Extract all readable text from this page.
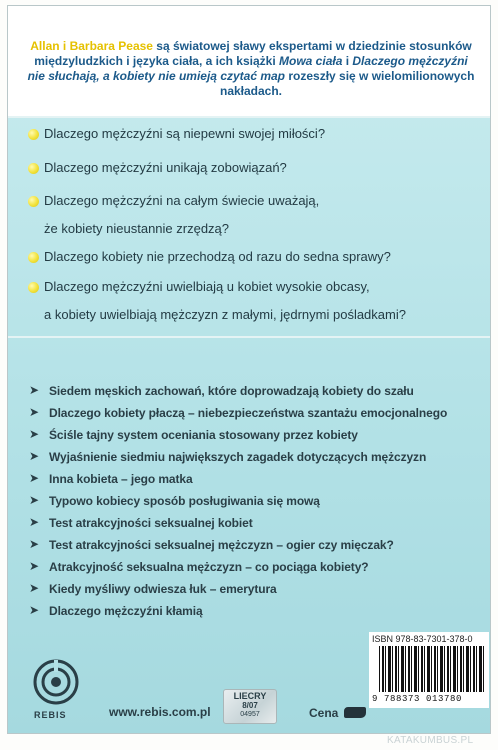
Allan i Barbara Pease są światowej sławy ekspertami w dziedzinie stosunków międzyludzkich i języka ciała, a ich książki Mowa ciała i Dlaczego mężczyźni nie słuchają, a kobiety nie umieją czytać map rozeszły się w wielomilionowych nakładach.

Dlaczego mężczyźni są niepewni swojej miłości?
Dlaczego mężczyźni unikają zobowiązań?
Dlaczego mężczyźni na całym świecie uważają,
że kobiety nieustannie zrzędzą?
Dlaczego kobiety nie przechodzą od razu do sedna sprawy?
Dlaczego mężczyźni uwielbiają u kobiet wysokie obcasy,
a kobiety uwielbiają mężczyzn z małymi, jędrnymi pośladkami?
➤ Siedem męskich zachowań, które doprowadzają kobiety do szału
➤ Dlaczego kobiety płaczą – niebezpieczeństwa szantażu emocjonalnego
➤ Ściśle tajny system oceniania stosowany przez kobiety
➤ Wyjaśnienie siedmiu największych zagadek dotyczących mężczyzn
➤ Inna kobieta – jego matka
➤ Typowo kobiecy sposób posługiwania się mową
➤ Test atrakcyjności seksualnej kobiet
➤ Test atrakcyjności seksualnej mężczyzn – ogier czy mięczak?
➤ Atrakcyjność seksualna mężczyzn – co pociąga kobiety?
➤ Kiedy myśliwy odwiesza łuk – emerytura
➤ Dlaczego mężczyźni kłamią
ISBN 978-83-7301-378-0
9 788373 013780
REBIS	www.rebis.com.pl
LIECRY
8/07
04957	Cena
KATAKUMBUS.PL
